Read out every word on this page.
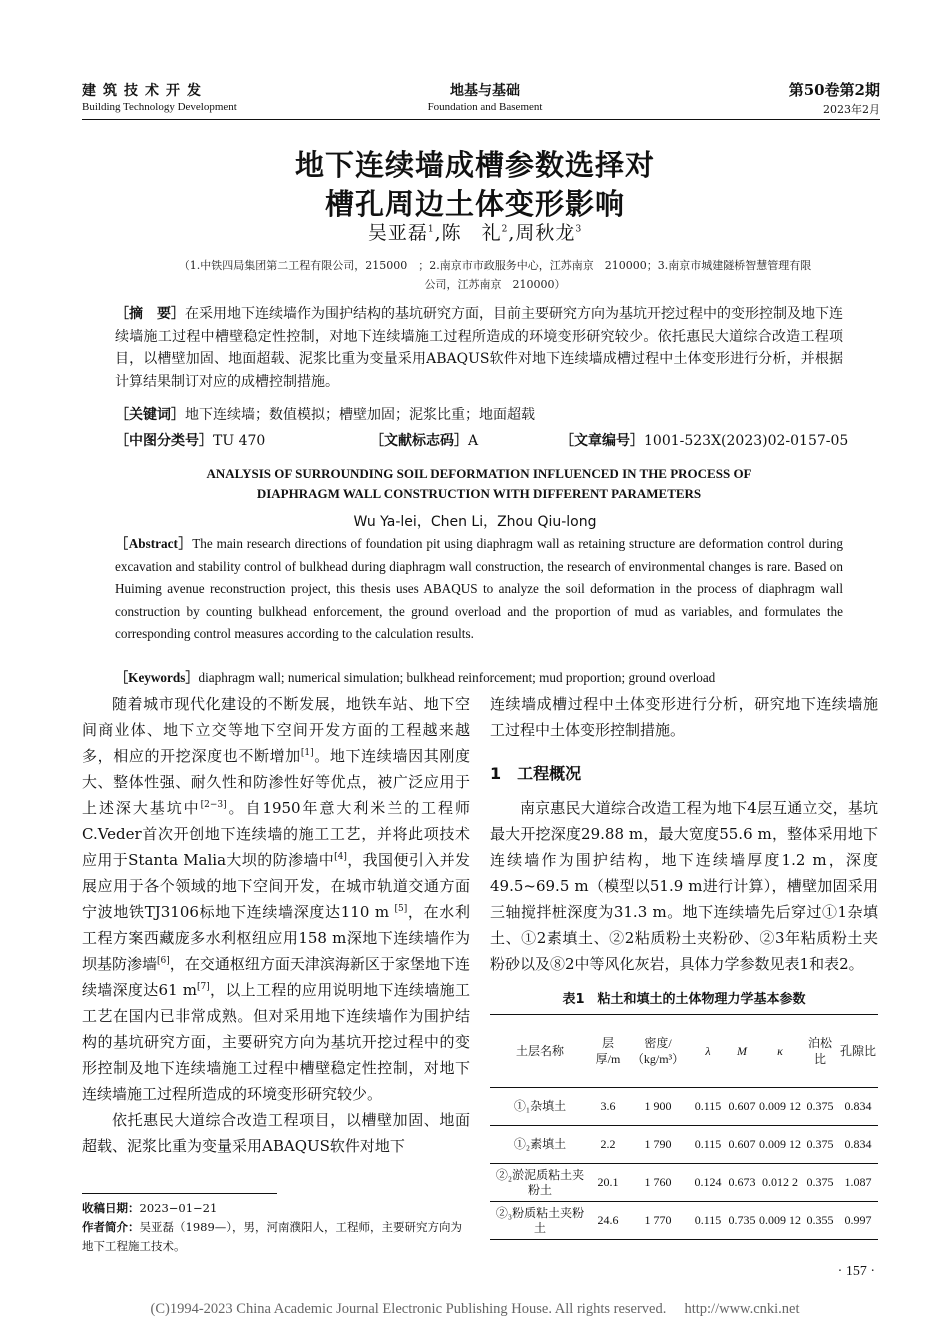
建筑技术开发
Building Technology Development
地基与基础
Foundation and Basement
第50卷第2期
2023年2月
地下连续墙成槽参数选择对
槽孔周边土体变形影响
吴亚磊$^1$,陈　礼$^2$,周秋龙$^3$
（1.中铁四局集团第二工程有限公司，215000　；2.南京市市政服务中心，江苏南京　210000；3.南京市城建隧桥智慧管理有限
公司，江苏南京　210000）
［摘　要］在采用地下连续墙作为围护结构的基坑研究方面，目前主要研究方向为基坑开挖过程中的变形控制及地下连续墙施工过程中槽壁稳定性控制，对地下连续墙施工过程所造成的环境变形研究较少。依托惠民大道综合改造工程项目，以槽壁加固、地面超载、泥浆比重为变量采用ABAQUS软件对地下连续墙成槽过程中土体变形进行分析，并根据计算结果制订对应的成槽控制措施。
［关键词］地下连续墙；数值模拟；槽壁加固；泥浆比重；地面超载
［中图分类号］TU 470	［文献标志码］A	［文章编号］1001-523X(2023)02-0157-05
ANALYSIS OF SURROUNDING SOIL DEFORMATION INFLUENCED IN THE PROCESS OF
DIAPHRAGM WALL CONSTRUCTION WITH DIFFERENT PARAMETERS
Wu Ya-lei，Chen Li，Zhou Qiu-long
［Abstract］The main research directions of foundation pit using diaphragm wall as retaining structure are deformation control during excavation and stability control of bulkhead during diaphragm wall construction, the research of environmental changes is rare. Based on Huiming avenue reconstruction project, this thesis uses ABAQUS to analyze the soil deformation in the process of diaphragm wall construction by counting bulkhead enforcement, the ground overload and the proportion of mud as variables, and formulates the corresponding control measures according to the calculation results.
［Keywords］diaphragm wall; numerical simulation; bulkhead reinforcement; mud proportion; ground overload

随着城市现代化建设的不断发展，地铁车站、地下空间商业体、地下立交等地下空间开发方面的工程越来越多，相应的开挖深度也不断增加[1]。地下连续墙因其刚度大、整体性强、耐久性和防渗性好等优点，被广泛应用于上述深大基坑中[2−3]。自1950年意大利米兰的工程师C.Veder首次开创地下连续墙的施工工艺，并将此项技术应用于Stanta Malia大坝的防渗墙中[4]，我国便引入并发展应用于各个领域的地下空间开发，在城市轨道交通方面宁波地铁TJ3106标地下连续墙深度达110 m [5]，在水利工程方案西藏庞多水利枢纽应用158 m深地下连续墙作为坝基防渗墙[6]，在交通枢纽方面天津滨海新区于家堡地下连续墙深度达61 m[7]，以上工程的应用说明地下连续墙施工工艺在国内已非常成熟。但对采用地下连续墙作为围护结构的基坑研究方面，主要研究方向为基坑开挖过程中的变形控制及地下连续墙施工过程中槽壁稳定性控制，对地下连续墙施工过程所造成的环境变形研究较少。

依托惠民大道综合改造工程项目，以槽壁加固、地面超载、泥浆比重为变量采用ABAQUS软件对地下

收稿日期：2023−01−21
作者简介：吴亚磊（1989—），男，河南濮阳人，工程师，主要研究方向为地下工程施工技术。

连续墙成槽过程中土体变形进行分析，研究地下连续墙施工过程中土体变形控制措施。

1　工程概况

南京惠民大道综合改造工程为地下4层互通立交，基坑最大开挖深度29.88 m，最大宽度55.6 m，整体采用地下连续墙作为围护结构，地下连续墙厚度1.2 m，深度49.5~69.5 m（模型以51.9 m进行计算），槽壁加固采用三轴搅拌桩深度为31.3 m。地下连续墙先后穿过①1杂填土、①2素填土、②2粘质粉土夹粉砂、②3年粘质粉土夹粉砂以及⑧2中等风化灰岩，具体力学参数见表1和表2。

表1　粘土和填土的土体物理力学基本参数
土层名称	层厚/m	密度/（kg/m³）	λ	M	κ	泊松比	孔隙比
①₁杂填土	3.6	1 900	0.115	0.607	0.009 12	0.375	0.834
①₂素填土	2.2	1 790	0.115	0.607	0.009 12	0.375	0.834
②₂淤泥质粘土夹粉土	20.1	1 760	0.124	0.673	0.012 2	0.375	1.087
②₃粉质粘土夹粉土	24.6	1 770	0.115	0.735	0.009 12	0.355	0.997
· 157 ·
(C)1994-2023 China Academic Journal Electronic Publishing House. All rights reserved.　 http://www.cnki.net
